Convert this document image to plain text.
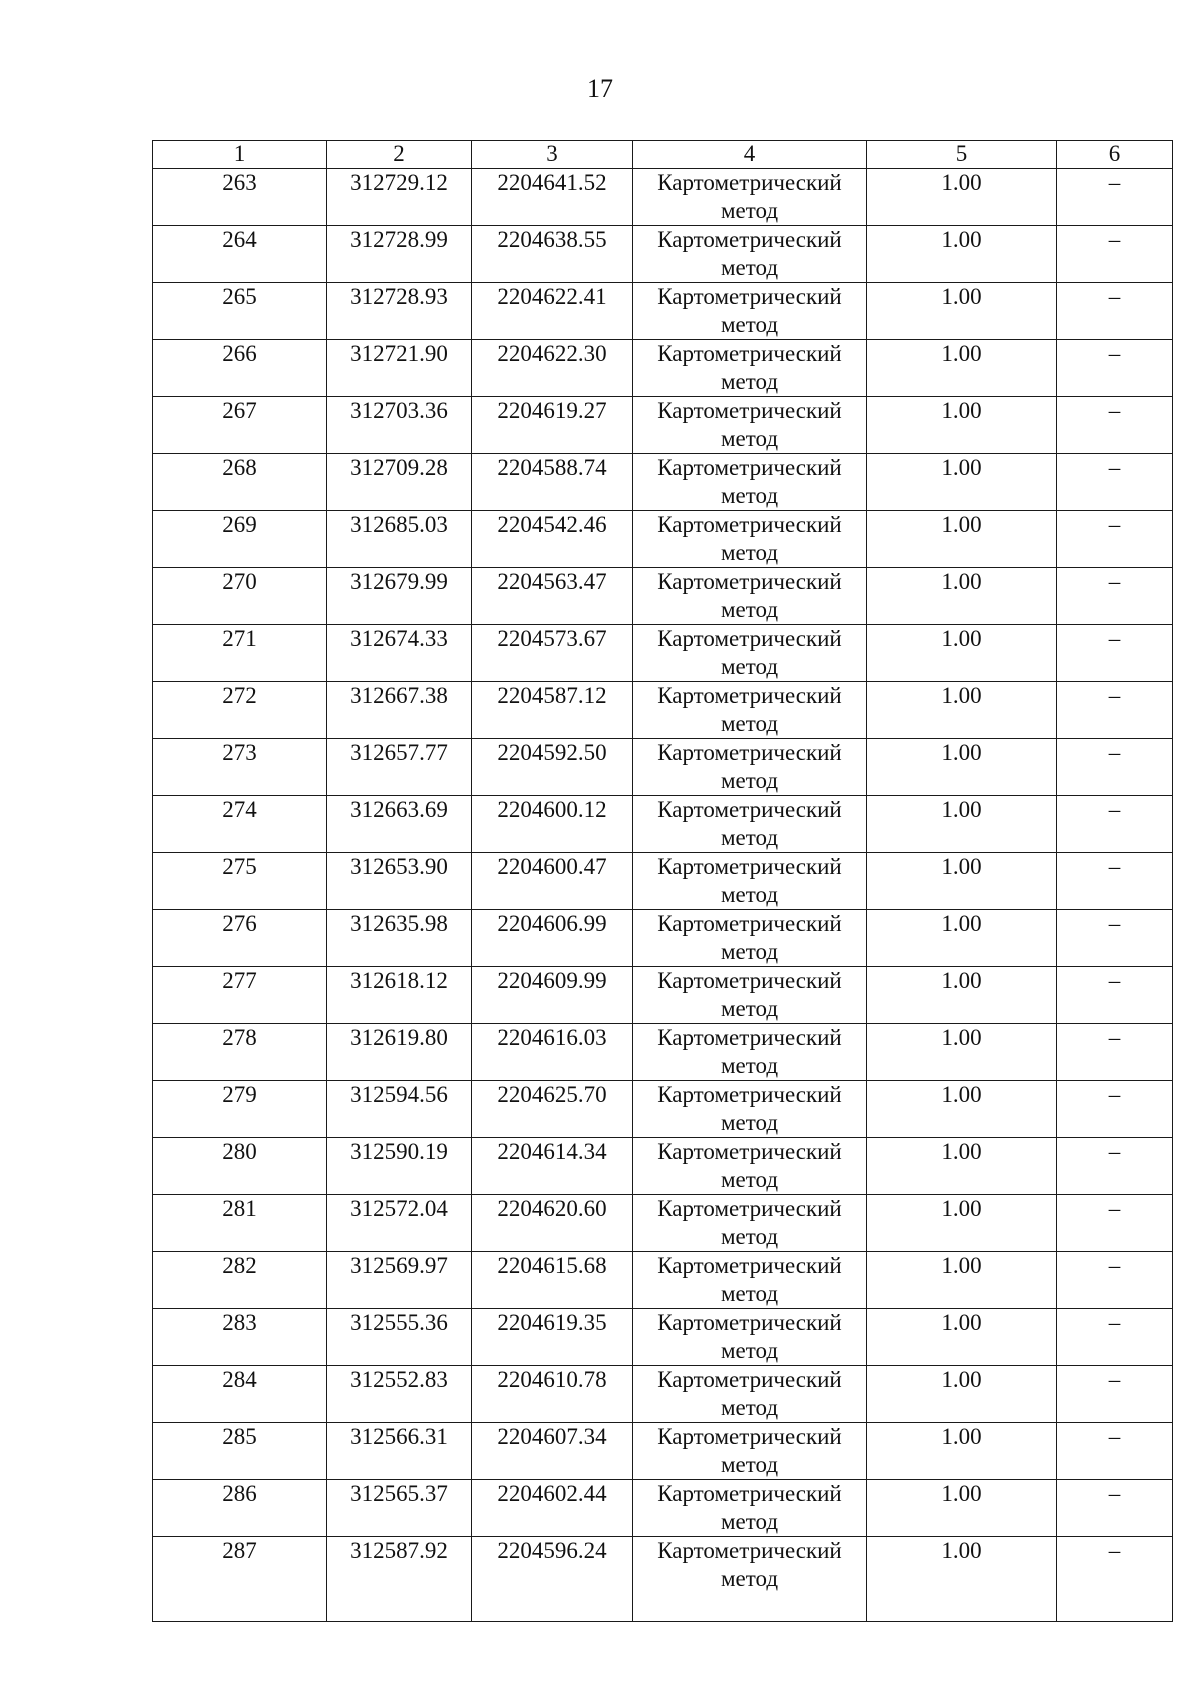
17
1	2	3	4	5	6
263	312729.12	2204641.52	Картометрический метод	1.00	–
264	312728.99	2204638.55	Картометрический метод	1.00	–
265	312728.93	2204622.41	Картометрический метод	1.00	–
266	312721.90	2204622.30	Картометрический метод	1.00	–
267	312703.36	2204619.27	Картометрический метод	1.00	–
268	312709.28	2204588.74	Картометрический метод	1.00	–
269	312685.03	2204542.46	Картометрический метод	1.00	–
270	312679.99	2204563.47	Картометрический метод	1.00	–
271	312674.33	2204573.67	Картометрический метод	1.00	–
272	312667.38	2204587.12	Картометрический метод	1.00	–
273	312657.77	2204592.50	Картометрический метод	1.00	–
274	312663.69	2204600.12	Картометрический метод	1.00	–
275	312653.90	2204600.47	Картометрический метод	1.00	–
276	312635.98	2204606.99	Картометрический метод	1.00	–
277	312618.12	2204609.99	Картометрический метод	1.00	–
278	312619.80	2204616.03	Картометрический метод	1.00	–
279	312594.56	2204625.70	Картометрический метод	1.00	–
280	312590.19	2204614.34	Картометрический метод	1.00	–
281	312572.04	2204620.60	Картометрический метод	1.00	–
282	312569.97	2204615.68	Картометрический метод	1.00	–
283	312555.36	2204619.35	Картометрический метод	1.00	–
284	312552.83	2204610.78	Картометрический метод	1.00	–
285	312566.31	2204607.34	Картометрический метод	1.00	–
286	312565.37	2204602.44	Картометрический метод	1.00	–
287	312587.92	2204596.24	Картометрический метод	1.00	–
